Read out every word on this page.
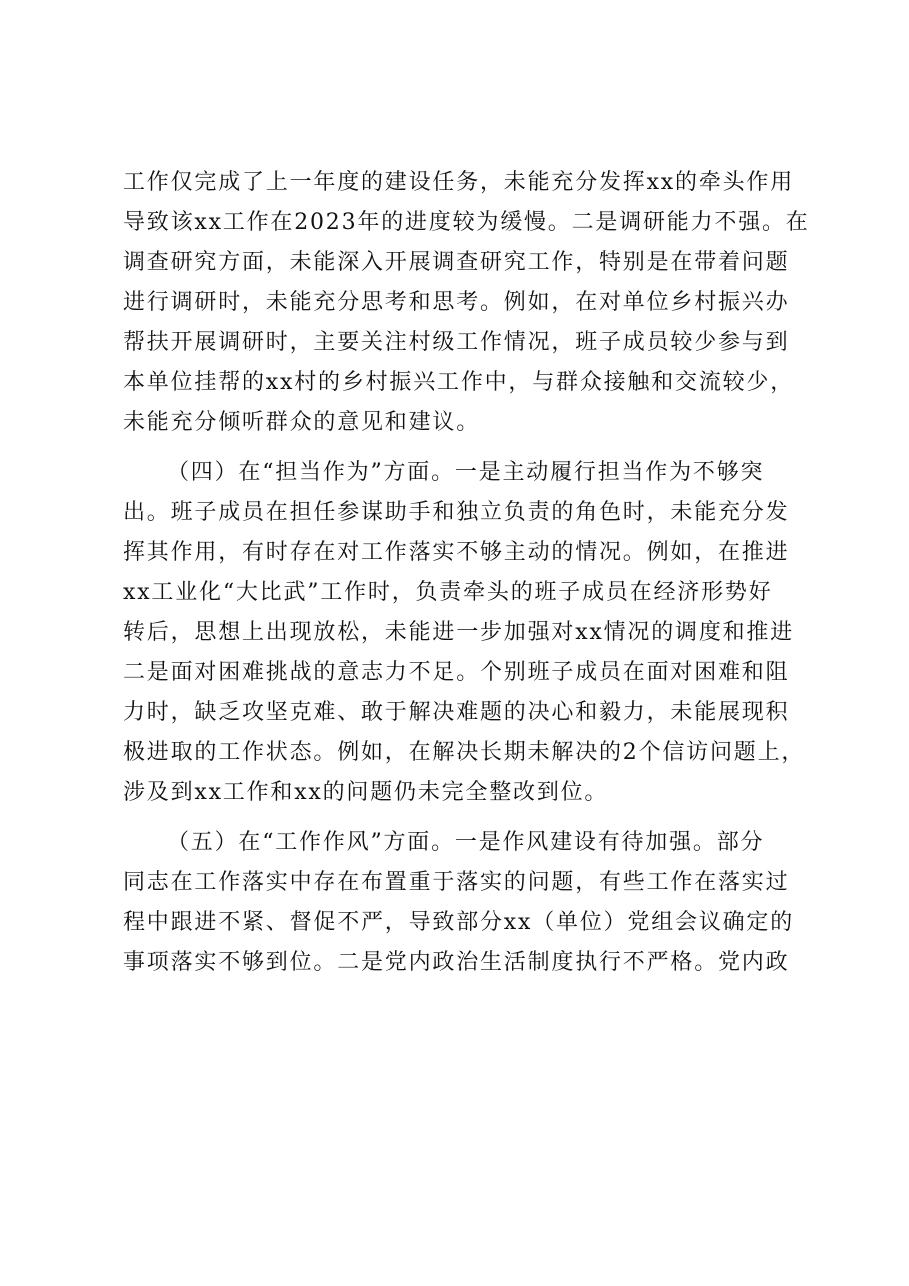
工作仅完成了上一年度的建设任务，未能充分发挥xx的牵头作用
导致该xx工作在2023年的进度较为缓慢。二是调研能力不强。在
调查研究方面，未能深入开展调查研究工作，特别是在带着问题
进行调研时，未能充分思考和思考。例如，在对单位乡村振兴办
帮扶开展调研时，主要关注村级工作情况，班子成员较少参与到
本单位挂帮的xx村的乡村振兴工作中，与群众接触和交流较少，
未能充分倾听群众的意见和建议。
（四）在“担当作为”方面。一是主动履行担当作为不够突
出。班子成员在担任参谋助手和独立负责的角色时，未能充分发
挥其作用，有时存在对工作落实不够主动的情况。例如，在推进
xx工业化“大比武”工作时，负责牵头的班子成员在经济形势好
转后，思想上出现放松，未能进一步加强对xx情况的调度和推进
二是面对困难挑战的意志力不足。个别班子成员在面对困难和阻
力时，缺乏攻坚克难、敢于解决难题的决心和毅力，未能展现积
极进取的工作状态。例如，在解决长期未解决的2个信访问题上，
涉及到xx工作和xx的问题仍未完全整改到位。
（五）在“工作作风”方面。一是作风建设有待加强。部分
同志在工作落实中存在布置重于落实的问题，有些工作在落实过
程中跟进不紧、督促不严，导致部分xx（单位）党组会议确定的
事项落实不够到位。二是党内政治生活制度执行不严格。党内政
